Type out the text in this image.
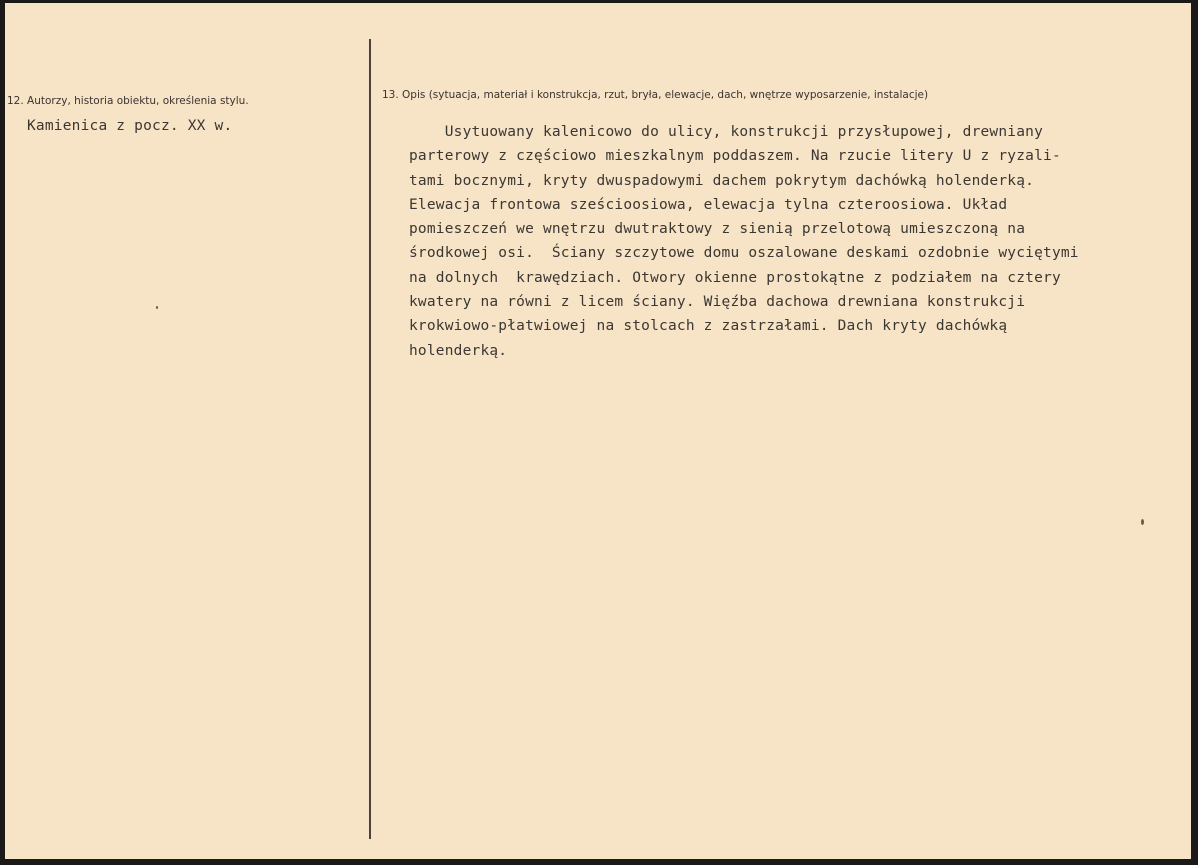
12. Autorzy, historia obiektu, określenia stylu.
Kamienica z pocz. XX w.
13. Opis (sytuacja, materiał i konstrukcja, rzut, bryła, elewacje, dach, wnętrze wyposarzenie, instalacje)
Usytuowany kalenicowo do ulicy, konstrukcji przysłupowej, drewniany
parterowy z częściowo mieszkalnym poddaszem. Na rzucie litery U z ryzali-
tami bocznymi, kryty dwuspadowymi dachem pokrytym dachówką holenderką.
Elewacja frontowa sześcioosiowa, elewacja tylna czteroosiowa. Układ
pomieszczeń we wnętrzu dwutraktowy z sienią przelotową umieszczoną na
środkowej osi.  Ściany szczytowe domu oszalowane deskami ozdobnie wyciętymi
na dolnych  krawędziach. Otwory okienne prostokątne z podziałem na cztery
kwatery na równi z licem ściany. Więźba dachowa drewniana konstrukcji
krokwiowo-płatwiowej na stolcach z zastrzałami. Dach kryty dachówką
holenderką.
